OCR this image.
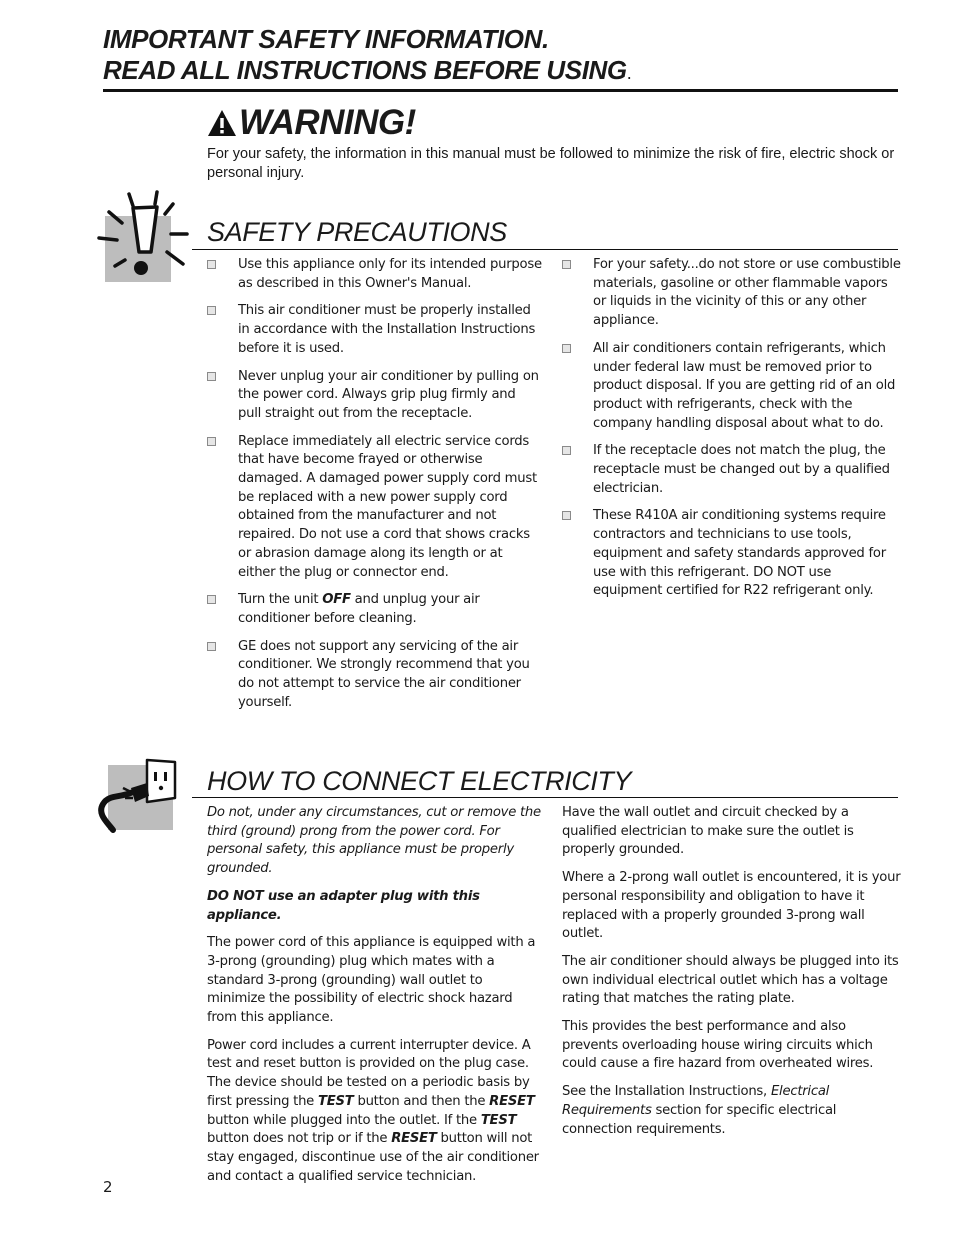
IMPORTANT SAFETY INFORMATION.
READ ALL INSTRUCTIONS BEFORE USING.
WARNING!
For your safety, the information in this manual must be followed to minimize the risk of fire, electric shock or personal injury.
SAFETY PRECAUTIONS
Use this appliance only for its intended purpose as described in this Owner's Manual.
This air conditioner must be properly installed in accordance with the Installation Instructions before it is used.
Never unplug your air conditioner by pulling on the power cord. Always grip plug firmly and pull straight out from the receptacle.
Replace immediately all electric service cords that have become frayed or otherwise damaged. A damaged power supply cord must be replaced with a new power supply cord obtained from the manufacturer and not repaired. Do not use a cord that shows cracks or abrasion damage along its length or at either the plug or connector end.
Turn the unit OFF and unplug your air conditioner before cleaning.
GE does not support any servicing of the air conditioner. We strongly recommend that you do not attempt to service the air conditioner yourself.
For your safety...do not store or use combustible materials, gasoline or other flammable vapors or liquids in the vicinity of this or any other appliance.
All air conditioners contain refrigerants, which under federal law must be removed prior to product disposal. If you are getting rid of an old product with refrigerants, check with the company handling disposal about what to do.
If the receptacle does not match the plug, the receptacle must be changed out by a qualified electrician.
These R410A air conditioning systems require contractors and technicians to use tools, equipment and safety standards approved for use with this refrigerant. DO NOT use equipment certified for R22 refrigerant only.
HOW TO CONNECT ELECTRICITY

Do not, under any circumstances, cut or remove the third (ground) prong from the power cord. For personal safety, this appliance must be properly grounded.

DO NOT use an adapter plug with this appliance.

The power cord of this appliance is equipped with a 3-prong (grounding) plug which mates with a standard 3-prong (grounding) wall outlet to minimize the possibility of electric shock hazard from this appliance.

Power cord includes a current interrupter device. A test and reset button is provided on the plug case. The device should be tested on a periodic basis by first pressing the TEST button and then the RESET button while plugged into the outlet. If the TEST button does not trip or if the RESET button will not stay engaged, discontinue use of the air conditioner and contact a qualified service technician.

Have the wall outlet and circuit checked by a qualified electrician to make sure the outlet is properly grounded.

Where a 2-prong wall outlet is encountered, it is your personal responsibility and obligation to have it replaced with a properly grounded 3-prong wall outlet.

The air conditioner should always be plugged into its own individual electrical outlet which has a voltage rating that matches the rating plate.

This provides the best performance and also prevents overloading house wiring circuits which could cause a fire hazard from overheated wires.

See the Installation Instructions, Electrical Requirements section for specific electrical connection requirements.

2
